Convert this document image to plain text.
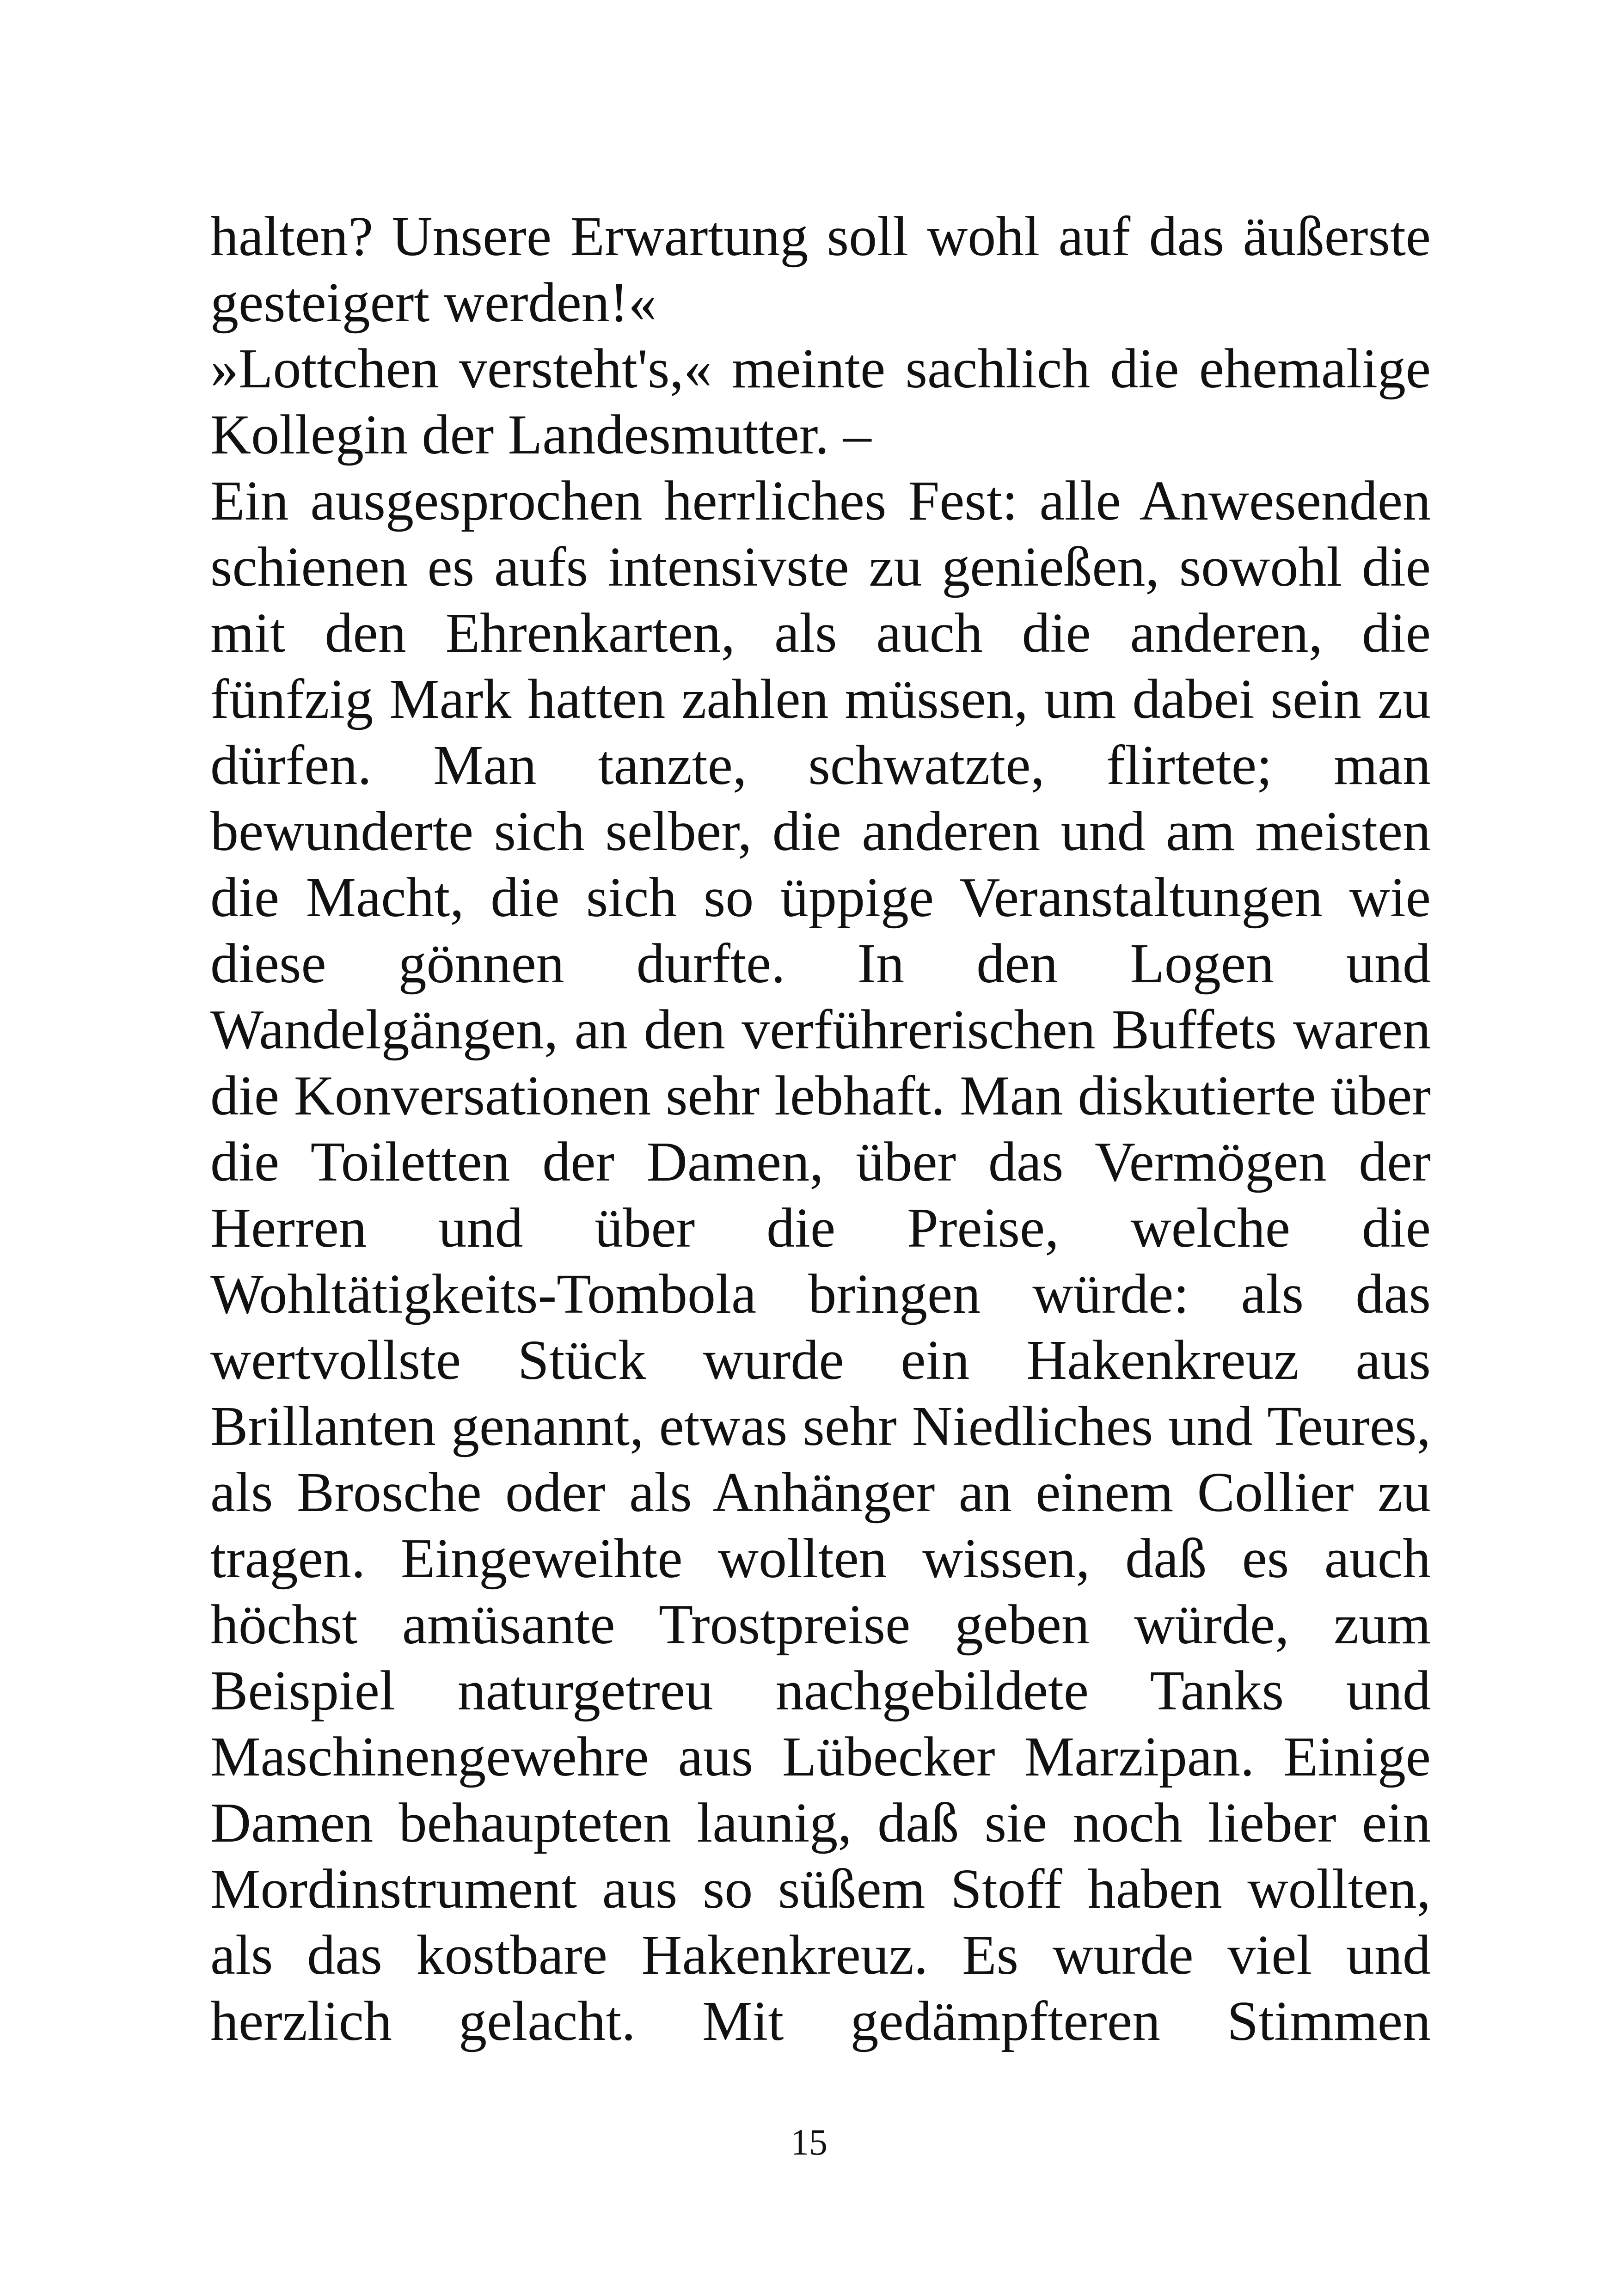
halten? Unsere Erwartung soll wohl auf das äußerste gesteigert werden!«

»Lottchen versteht's,« meinte sachlich die ehemalige Kollegin der Landesmutter. –

Ein ausgesprochen herrliches Fest: alle Anwesenden schienen es aufs intensivste zu genießen, sowohl die mit den Ehrenkarten, als auch die anderen, die fünfzig Mark hatten zahlen müssen, um dabei sein zu dürfen. Man tanzte, schwatzte, flirtete; man bewunderte sich selber, die anderen und am meisten die Macht, die sich so üppige Veranstaltungen wie diese gönnen durfte. In den Logen und Wandelgängen, an den verführerischen Buffets waren die Konversationen sehr lebhaft. Man diskutierte über die Toiletten der Damen, über das Vermögen der Herren und über die Preise, welche die Wohltätigkeits-Tombola bringen würde: als das wertvollste Stück wurde ein Hakenkreuz aus Brillanten genannt, etwas sehr Niedliches und Teures, als Brosche oder als Anhänger an einem Collier zu tragen. Eingeweihte wollten wissen, daß es auch höchst amüsante Trostpreise geben würde, zum Beispiel naturgetreu nachgebildete Tanks und Maschinengewehre aus Lübecker Marzipan. Einige Damen behaupteten launig, daß sie noch lieber ein Mordinstrument aus so süßem Stoff haben wollten, als das kostbare Hakenkreuz. Es wurde viel und herzlich gelacht. Mit gedämpfteren Stimmen

15
